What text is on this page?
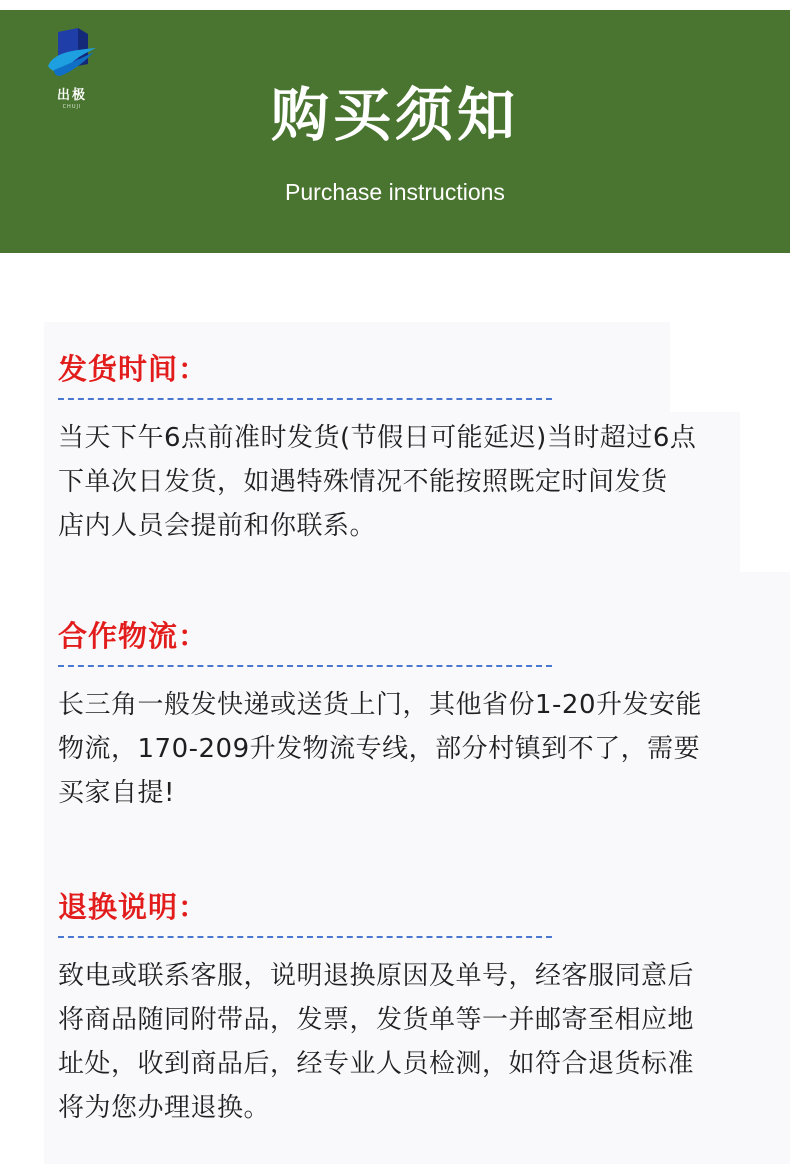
出极
CHUJI	购买须知
Purchase instructions
发货时间：
当天下午6点前准时发货(节假日可能延迟)当时超过6点
下单次日发货，如遇特殊情况不能按照既定时间发货
店内人员会提前和你联系。
合作物流：
长三角一般发快递或送货上门，其他省份1-20升发安能
物流，170-209升发物流专线，部分村镇到不了，需要
买家自提!
退换说明：
致电或联系客服，说明退换原因及单号，经客服同意后
将商品随同附带品，发票，发货单等一并邮寄至相应地
址处，收到商品后，经专业人员检测，如符合退货标准
将为您办理退换。
